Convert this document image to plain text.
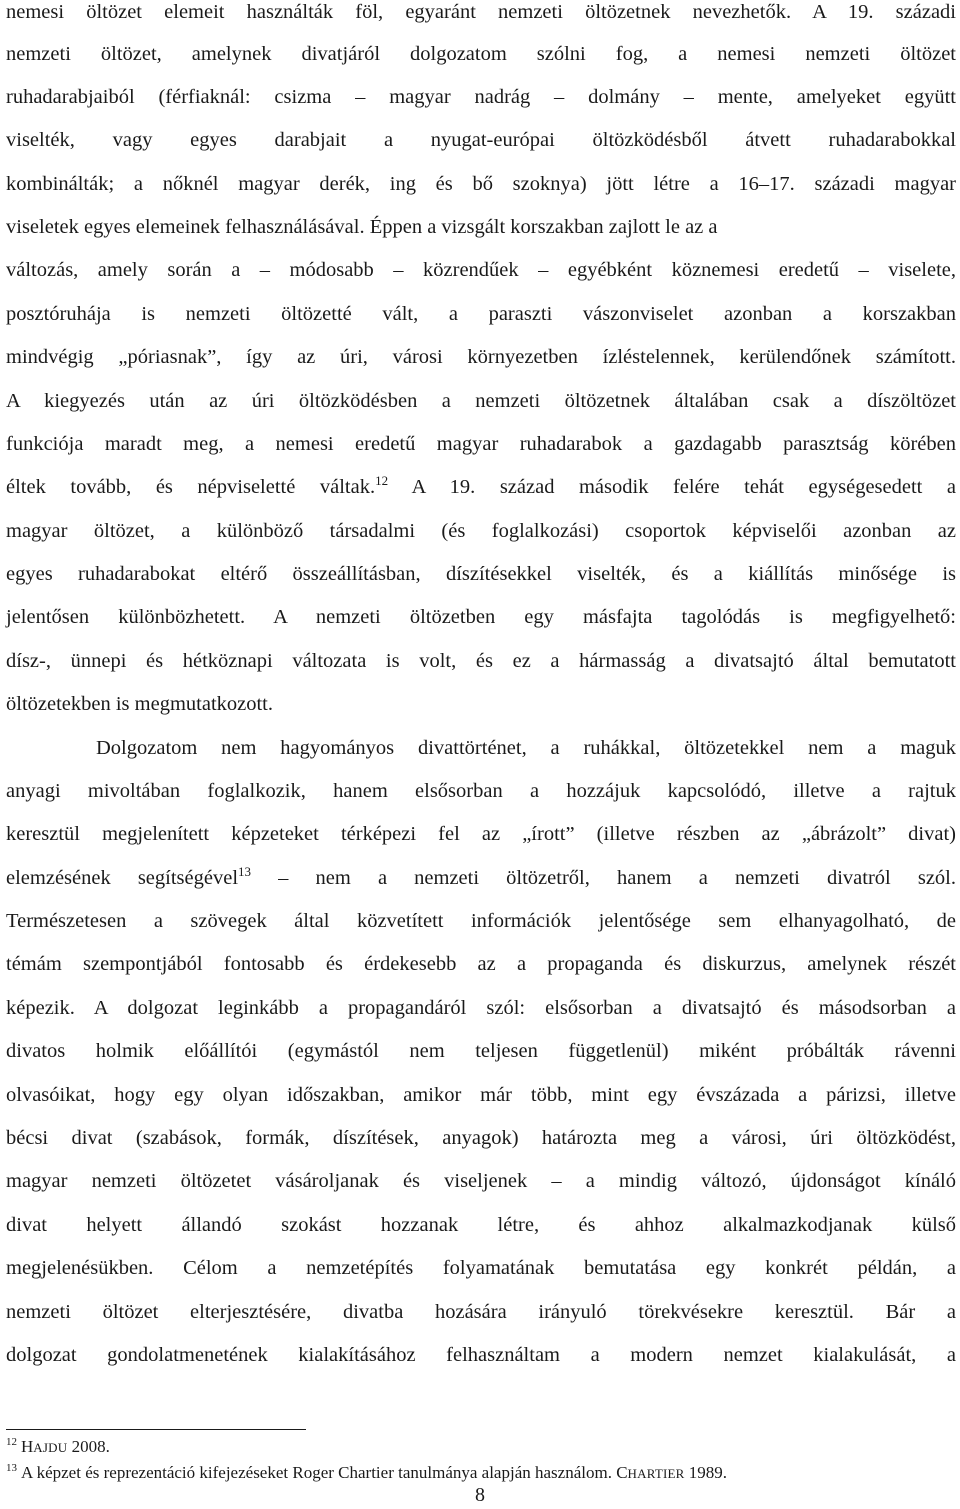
nemesi öltözet elemeit használták föl, egyaránt nemzeti öltözetnek nevezhetők. A 19. századi
nemzeti öltözet, amelynek divatjáról dolgozatom szólni fog, a nemesi nemzeti öltözet
ruhadarabjaiból (férfiaknál: csizma – magyar nadrág – dolmány – mente, amelyeket együtt
viselték, vagy egyes darabjait a nyugat-európai öltözködésből átvett ruhadarabokkal
kombinálták; a nőknél magyar derék, ing és bő szoknya) jött létre a 16–17. századi magyar
viseletek egyes elemeinek felhasználásával. Éppen a vizsgált korszakban zajlott le az a
változás, amely során a – módosabb – közrendűek – egyébként köznemesi eredetű – viselete,
posztóruhája is nemzeti öltözetté vált, a paraszti vászonviselet azonban a korszakban
mindvégig „póriasnak”, így az úri, városi környezetben ízléstelennek, kerülendőnek számított.
A kiegyezés után az úri öltözködésben a nemzeti öltözetnek általában csak a díszöltözet
funkciója maradt meg, a nemesi eredetű magyar ruhadarabok a gazdagabb parasztság körében
éltek tovább, és népviseletté váltak.$^{12}$ A 19. század második felére tehát egységesedett a
magyar öltözet, a különböző társadalmi (és foglalkozási) csoportok képviselői azonban az
egyes ruhadarabokat eltérő összeállításban, díszítésekkel viselték, és a kiállítás minősége is
jelentősen különbözhetett. A nemzeti öltözetben egy másfajta tagolódás is megfigyelhető:
dísz-, ünnepi és hétköznapi változata is volt, és ez a hármasság a divatsajtó által bemutatott
öltözetekben is megmutatkozott.
Dolgozatom nem hagyományos divattörténet, a ruhákkal, öltözetekkel nem a maguk
anyagi mivoltában foglalkozik, hanem elsősorban a hozzájuk kapcsolódó, illetve a rajtuk
keresztül megjelenített képzeteket térképezi fel az „írott” (illetve részben az „ábrázolt” divat)
elemzésének segítségével$^{13}$ – nem a nemzeti öltözetről, hanem a nemzeti divatról szól.
Természetesen a szövegek által közvetített információk jelentősége sem elhanyagolható, de
témám szempontjából fontosabb és érdekesebb az a propaganda és diskurzus, amelynek részét
képezik. A dolgozat leginkább a propagandáról szól: elsősorban a divatsajtó és másodsorban a
divatos holmik előállítói (egymástól nem teljesen függetlenül) miként próbálták rávenni
olvasóikat, hogy egy olyan időszakban, amikor már több, mint egy évszázada a párizsi, illetve
bécsi divat (szabások, formák, díszítések, anyagok) határozta meg a városi, úri öltözködést,
magyar nemzeti öltözetet vásároljanak és viseljenek – a mindig változó, újdonságot kínáló
divat helyett állandó szokást hozzanak létre, és ahhoz alkalmazkodjanak külső
megjelenésükben. Célom a nemzetépítés folyamatának bemutatása egy konkrét példán, a
nemzeti öltözet elterjesztésére, divatba hozására irányuló törekvésekre keresztül. Bár a
dolgozat gondolatmenetének kialakításához felhasználtam a modern nemzet kialakulását, a
$^{12}$ HAJDU 2008.
$^{13}$ A képzet és reprezentáció kifejezéseket Roger Chartier tanulmánya alapján használom. CHARTIER 1989.
8
